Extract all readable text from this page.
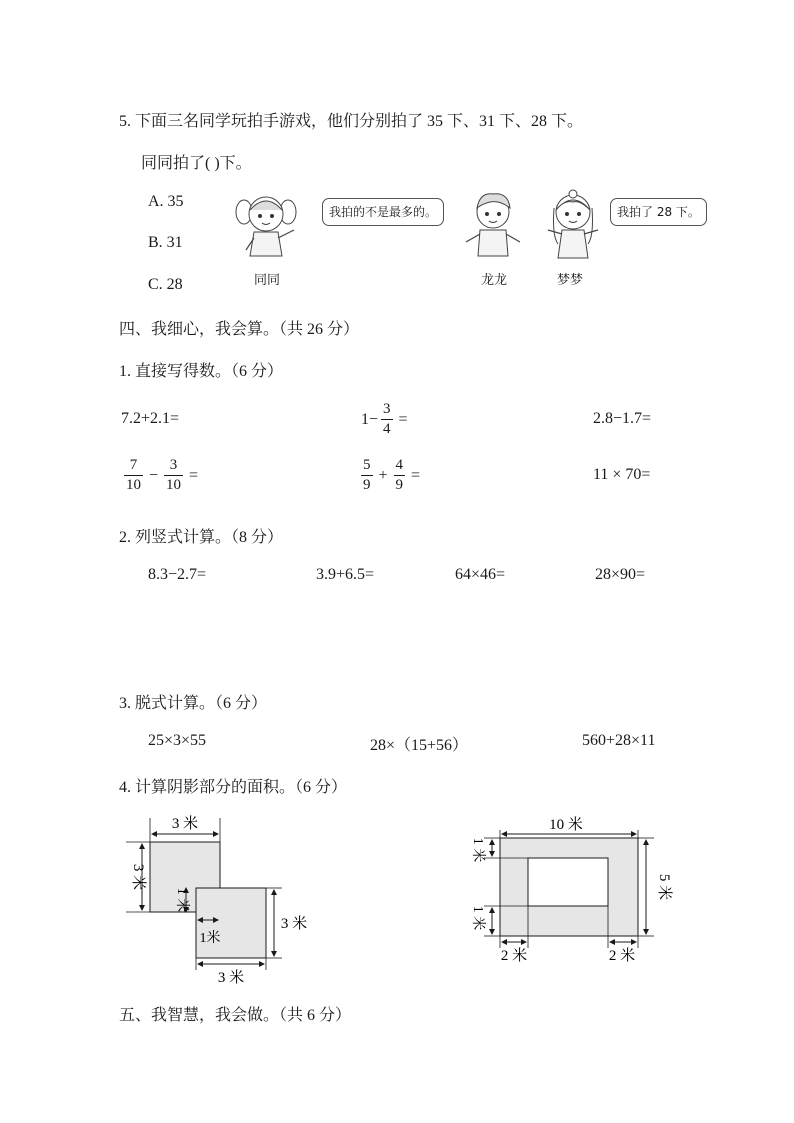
5. 下面三名同学玩拍手游戏，他们分别拍了 35 下、31 下、28 下。
同同拍了( )下。
A. 35
B. 31
C. 28	同同
我拍的不是最多的。
龙龙	梦梦
我拍了 28 下。
四、我细心，我会算。（共 26 分）
1. 直接写得数。（6 分）
7.2+2.1=	$1- \frac{3}{4}$ =	2.8−1.7=
$\frac{7}{10} - \frac{3}{10}$ =	$\frac{5}{9} + \frac{4}{9}$ =	11 × 70=
2. 列竖式计算。（8 分）
8.3−2.7=	3.9+6.5=	64×46=	28×90=
3. 脱式计算。（6 分）
25×3×55	28×（15+56）	560+28×11
4. 计算阴影部分的面积。（6 分）
3 米
3 米
1 米
1米
3 米
3 米
10 米
1 米
1 米
5 米
2 米	2 米
五、我智慧，我会做。（共 6 分）
